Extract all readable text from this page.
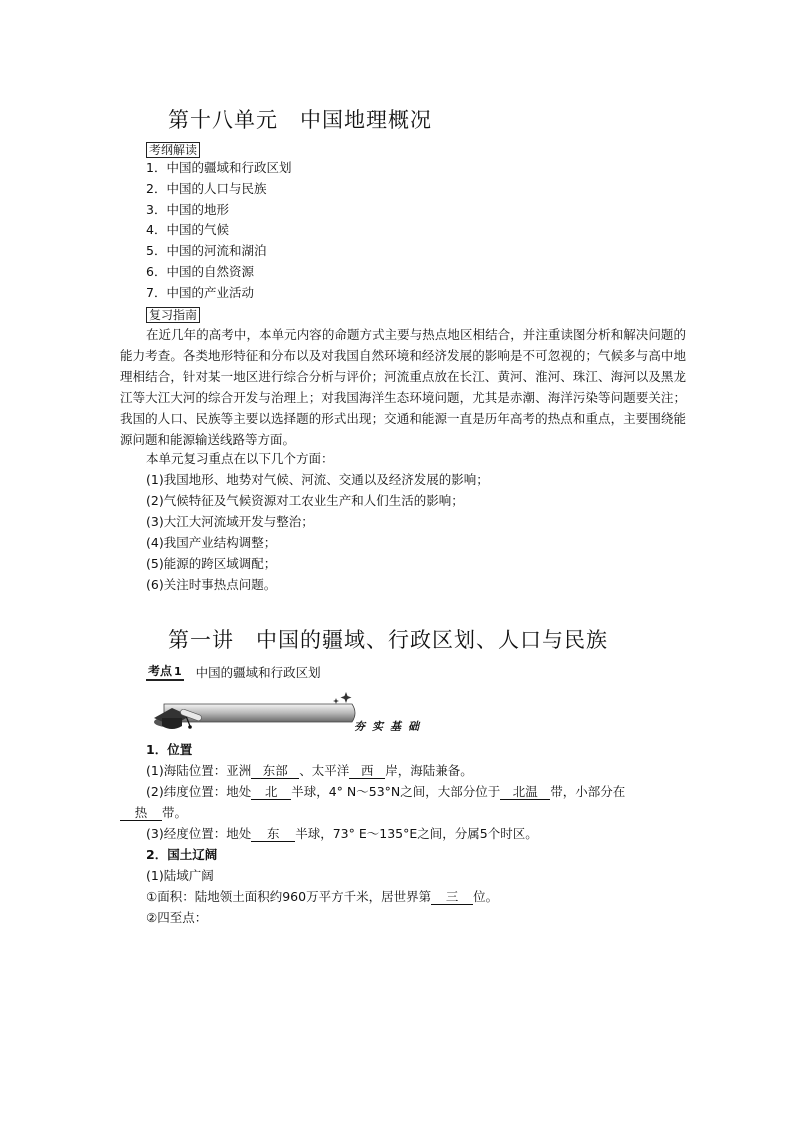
第十八单元 中国地理概况
考纲解读
1．中国的疆域和行政区划
2．中国的人口与民族
3．中国的地形
4．中国的气候
5．中国的河流和湖泊
6．中国的自然资源
7．中国的产业活动
复习指南

在近几年的高考中，本单元内容的命题方式主要与热点地区相结合，并注重读图分析和解决问题的能力考查。各类地形特征和分布以及对我国自然环境和经济发展的影响是不可忽视的；气候多与高中地理相结合，针对某一地区进行综合分析与评价；河流重点放在长江、黄河、淮河、珠江、海河以及黑龙江等大江大河的综合开发与治理上；对我国海洋生态环境问题，尤其是赤潮、海洋污染等问题要关注；我国的人口、民族等主要以选择题的形式出现；交通和能源一直是历年高考的热点和重点，主要围绕能源问题和能源输送线路等方面。

本单元复习重点在以下几个方面：
(1)我国地形、地势对气候、河流、交通以及经济发展的影响；
(2)气候特征及气候资源对工农业生产和人们生活的影响；
(3)大江大河流域开发与整治；
(4)我国产业结构调整；
(5)能源的跨区域调配；
(6)关注时事热点问题。
第一讲 中国的疆域、行政区划、人口与民族
考点 1 中国的疆域和行政区划
夯实基础
1．位置
(1)海陆位置：亚洲 东部 、太平洋 西 岸，海陆兼备。
(2)纬度位置：地处 北 半球，4° N～53°N之间，大部分位于 北温 带，小部分在
热 带。
(3)经度位置：地处 东 半球，73° E～135°E之间，分属5个时区。
2．国土辽阔
(1)陆域广阔
①面积：陆地领土面积约960万平方千米，居世界第 三 位。
②四至点：
